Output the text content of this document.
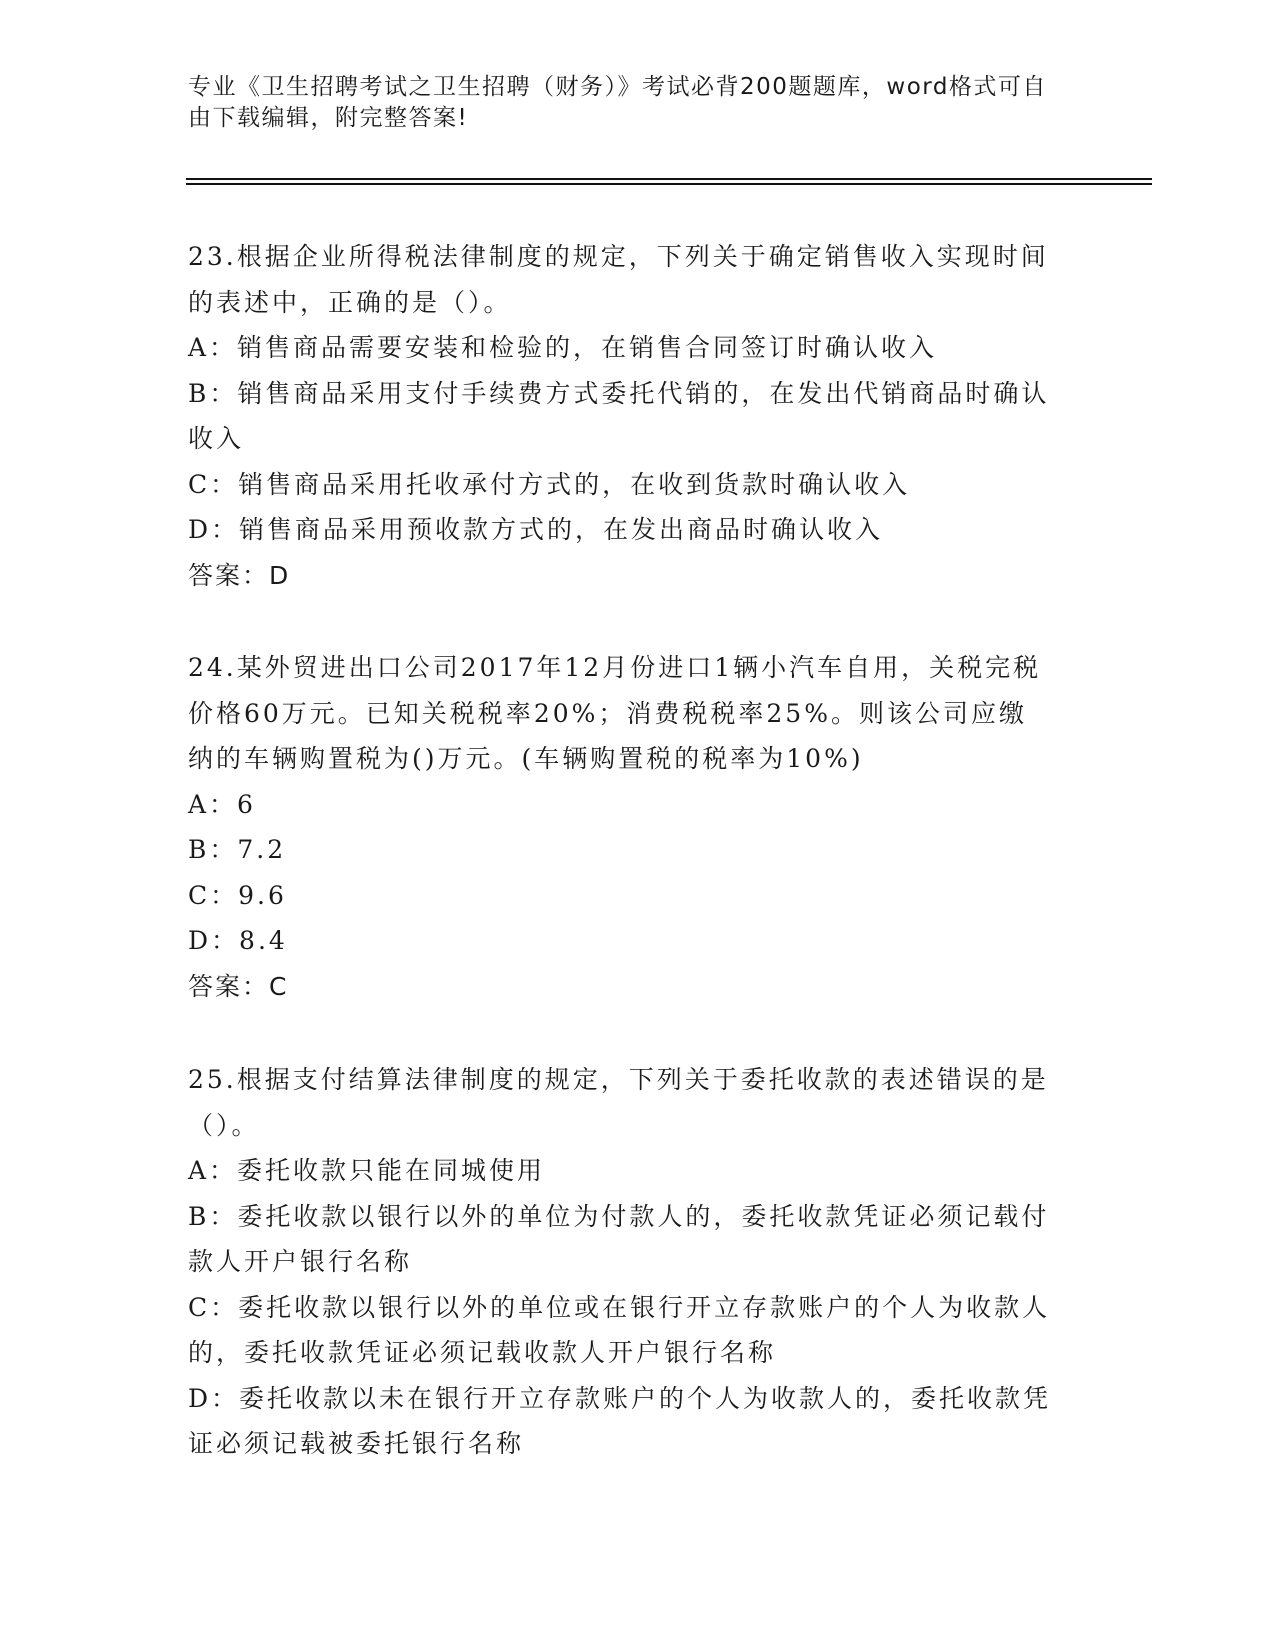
专业《卫生招聘考试之卫生招聘（财务）》考试必背200题题库，word格式可自
由下载编辑，附完整答案!
23.根据企业所得税法律制度的规定，下列关于确定销售收入实现时间
的表述中，正确的是（）。
A：销售商品需要安装和检验的，在销售合同签订时确认收入
B：销售商品采用支付手续费方式委托代销的，在发出代销商品时确认
收入
C：销售商品采用托收承付方式的，在收到货款时确认收入
D：销售商品采用预收款方式的，在发出商品时确认收入
答案：D
24.某外贸进出口公司2017年12月份进口1辆小汽车自用，关税完税
价格60万元。已知关税税率20%；消费税税率25%。则该公司应缴
纳的车辆购置税为()万元。(车辆购置税的税率为10%)
A：6
B：7.2
C：9.6
D：8.4
答案：C
25.根据支付结算法律制度的规定，下列关于委托收款的表述错误的是
（）。
A：委托收款只能在同城使用
B：委托收款以银行以外的单位为付款人的，委托收款凭证必须记载付
款人开户银行名称
C：委托收款以银行以外的单位或在银行开立存款账户的个人为收款人
的，委托收款凭证必须记载收款人开户银行名称
D：委托收款以未在银行开立存款账户的个人为收款人的，委托收款凭
证必须记载被委托银行名称
